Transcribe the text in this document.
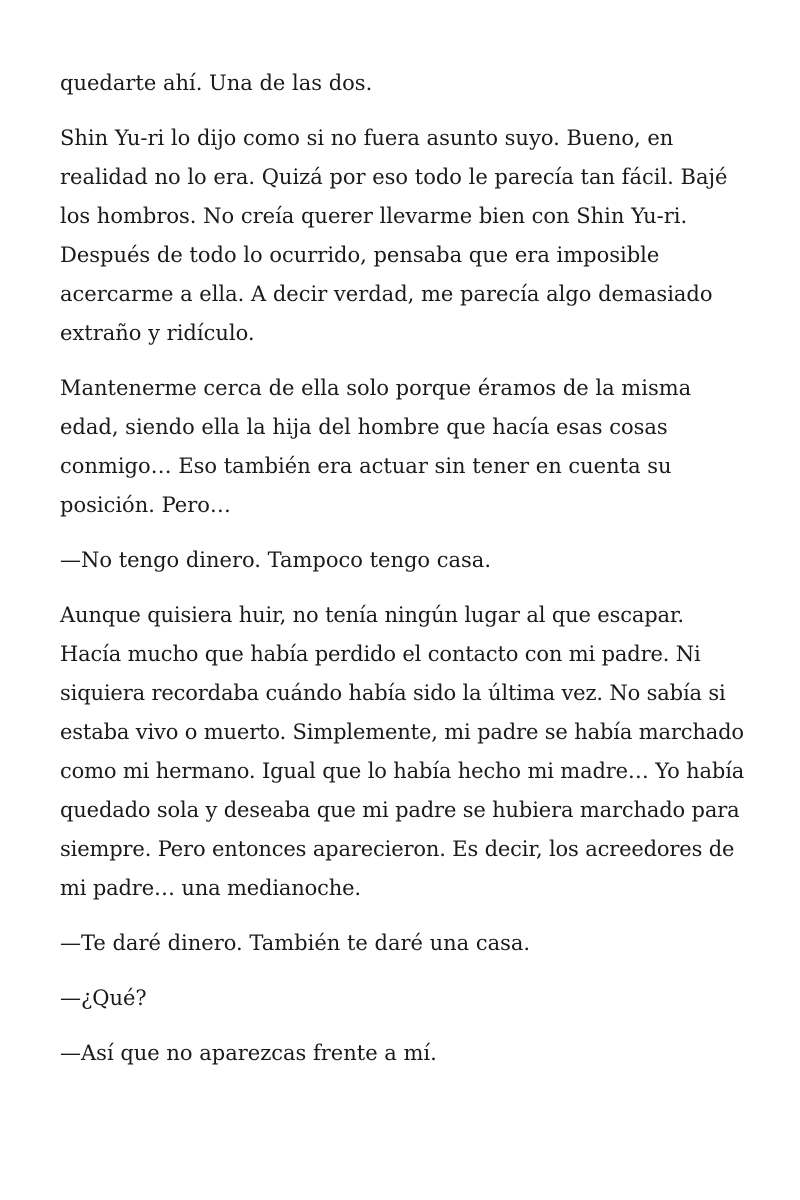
quedarte ahí. Una de las dos.

Shin Yu-ri lo dijo como si no fuera asunto suyo. Bueno, en realidad no lo era. Quizá por eso todo le parecía tan fácil. Bajé los hombros. No creía querer llevarme bien con Shin Yu-ri. Después de todo lo ocurrido, pensaba que era imposible acercarme a ella. A decir verdad, me parecía algo demasiado extraño y ridículo.

Mantenerme cerca de ella solo porque éramos de la misma edad, siendo ella la hija del hombre que hacía esas cosas conmigo… Eso también era actuar sin tener en cuenta su posición. Pero…

—No tengo dinero. Tampoco tengo casa.

Aunque quisiera huir, no tenía ningún lugar al que escapar. Hacía mucho que había perdido el contacto con mi padre. Ni siquiera recordaba cuándo había sido la última vez. No sabía si estaba vivo o muerto. Simplemente, mi padre se había marchado como mi hermano. Igual que lo había hecho mi madre… Yo había quedado sola y deseaba que mi padre se hubiera marchado para siempre. Pero entonces aparecieron. Es decir, los acreedores de mi padre… una medianoche.

—Te daré dinero. También te daré una casa.

—¿Qué?

—Así que no aparezcas frente a mí.
